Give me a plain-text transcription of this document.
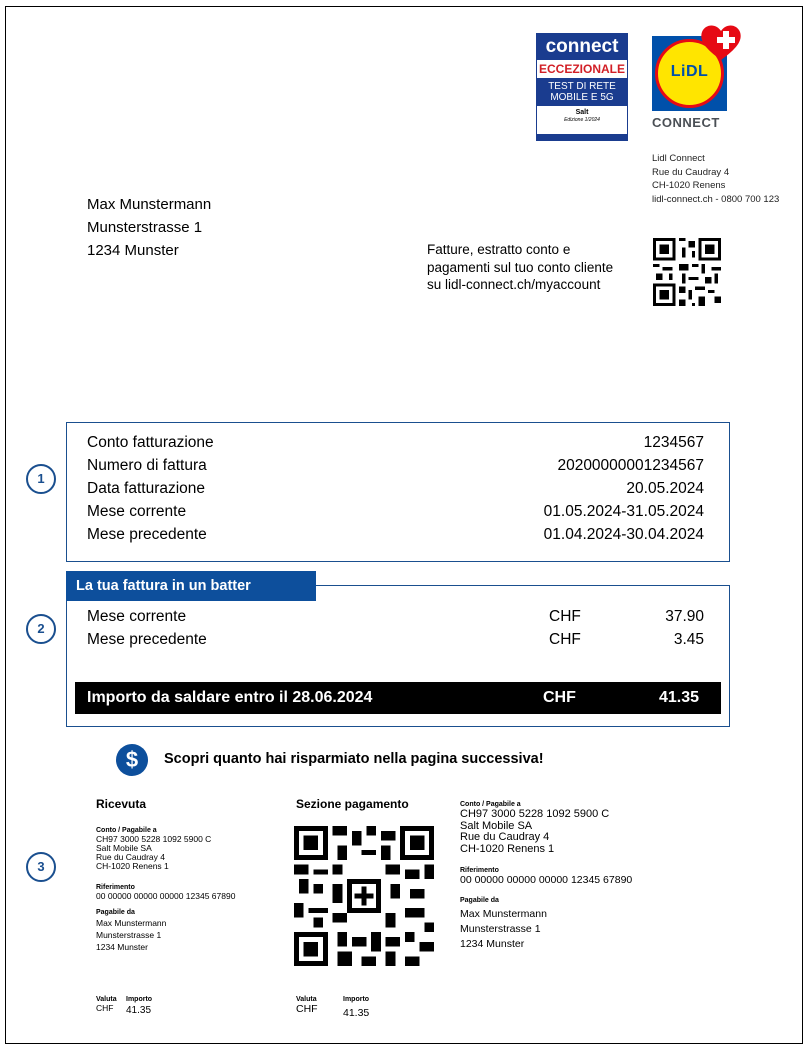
connect
ECCEZIONALE
TEST DI RETE
MOBILE E 5G
Salt
Edizione 1/2024
LiDL
CONNECT
Lidl Connect
Rue du Caudray 4
CH-1020 Renens
lidl-connect.ch - 0800 700 123
Max Munstermann
Munsterstrasse 1
1234 Munster	Fatture, estratto conto e
pagamenti sul tuo conto cliente
su lidl-connect.ch/myaccount
1
2
3
Conto fatturazione	1234567
Numero di fattura	20200000001234567
Data fatturazione	20.05.2024
Mese corrente	01.05.2024-31.05.2024
Mese precedente	01.04.2024-30.04.2024
Mese corrente	CHF	37.90
Mese precedente	CHF	3.45
Importo da saldare entro il 28.06.2024	CHF	41.35
La tua fattura in un batter
$	Scopri quanto hai risparmiato nella pagina successiva!
Ricevuta
Conto / Pagabile a
CH97 3000 5228 1092 5900 C
Salt Mobile SA
Rue du Caudray 4
CH-1020 Renens 1
Riferimento
00 00000 00000 00000 12345 67890
Pagabile da
Max Munstermann
Munsterstrasse 1
1234 Munster
Valuta
CHF
Importo
41.35
Sezione pagamento
Valuta
CHF
Importo
41.35
Conto / Pagabile a
CH97 3000 5228 1092 5900 C
Salt Mobile SA
Rue du Caudray 4
CH-1020 Renens 1
Riferimento
00 00000 00000 00000 12345 67890
Pagabile da
Max Munstermann
Munsterstrasse 1
1234 Munster
